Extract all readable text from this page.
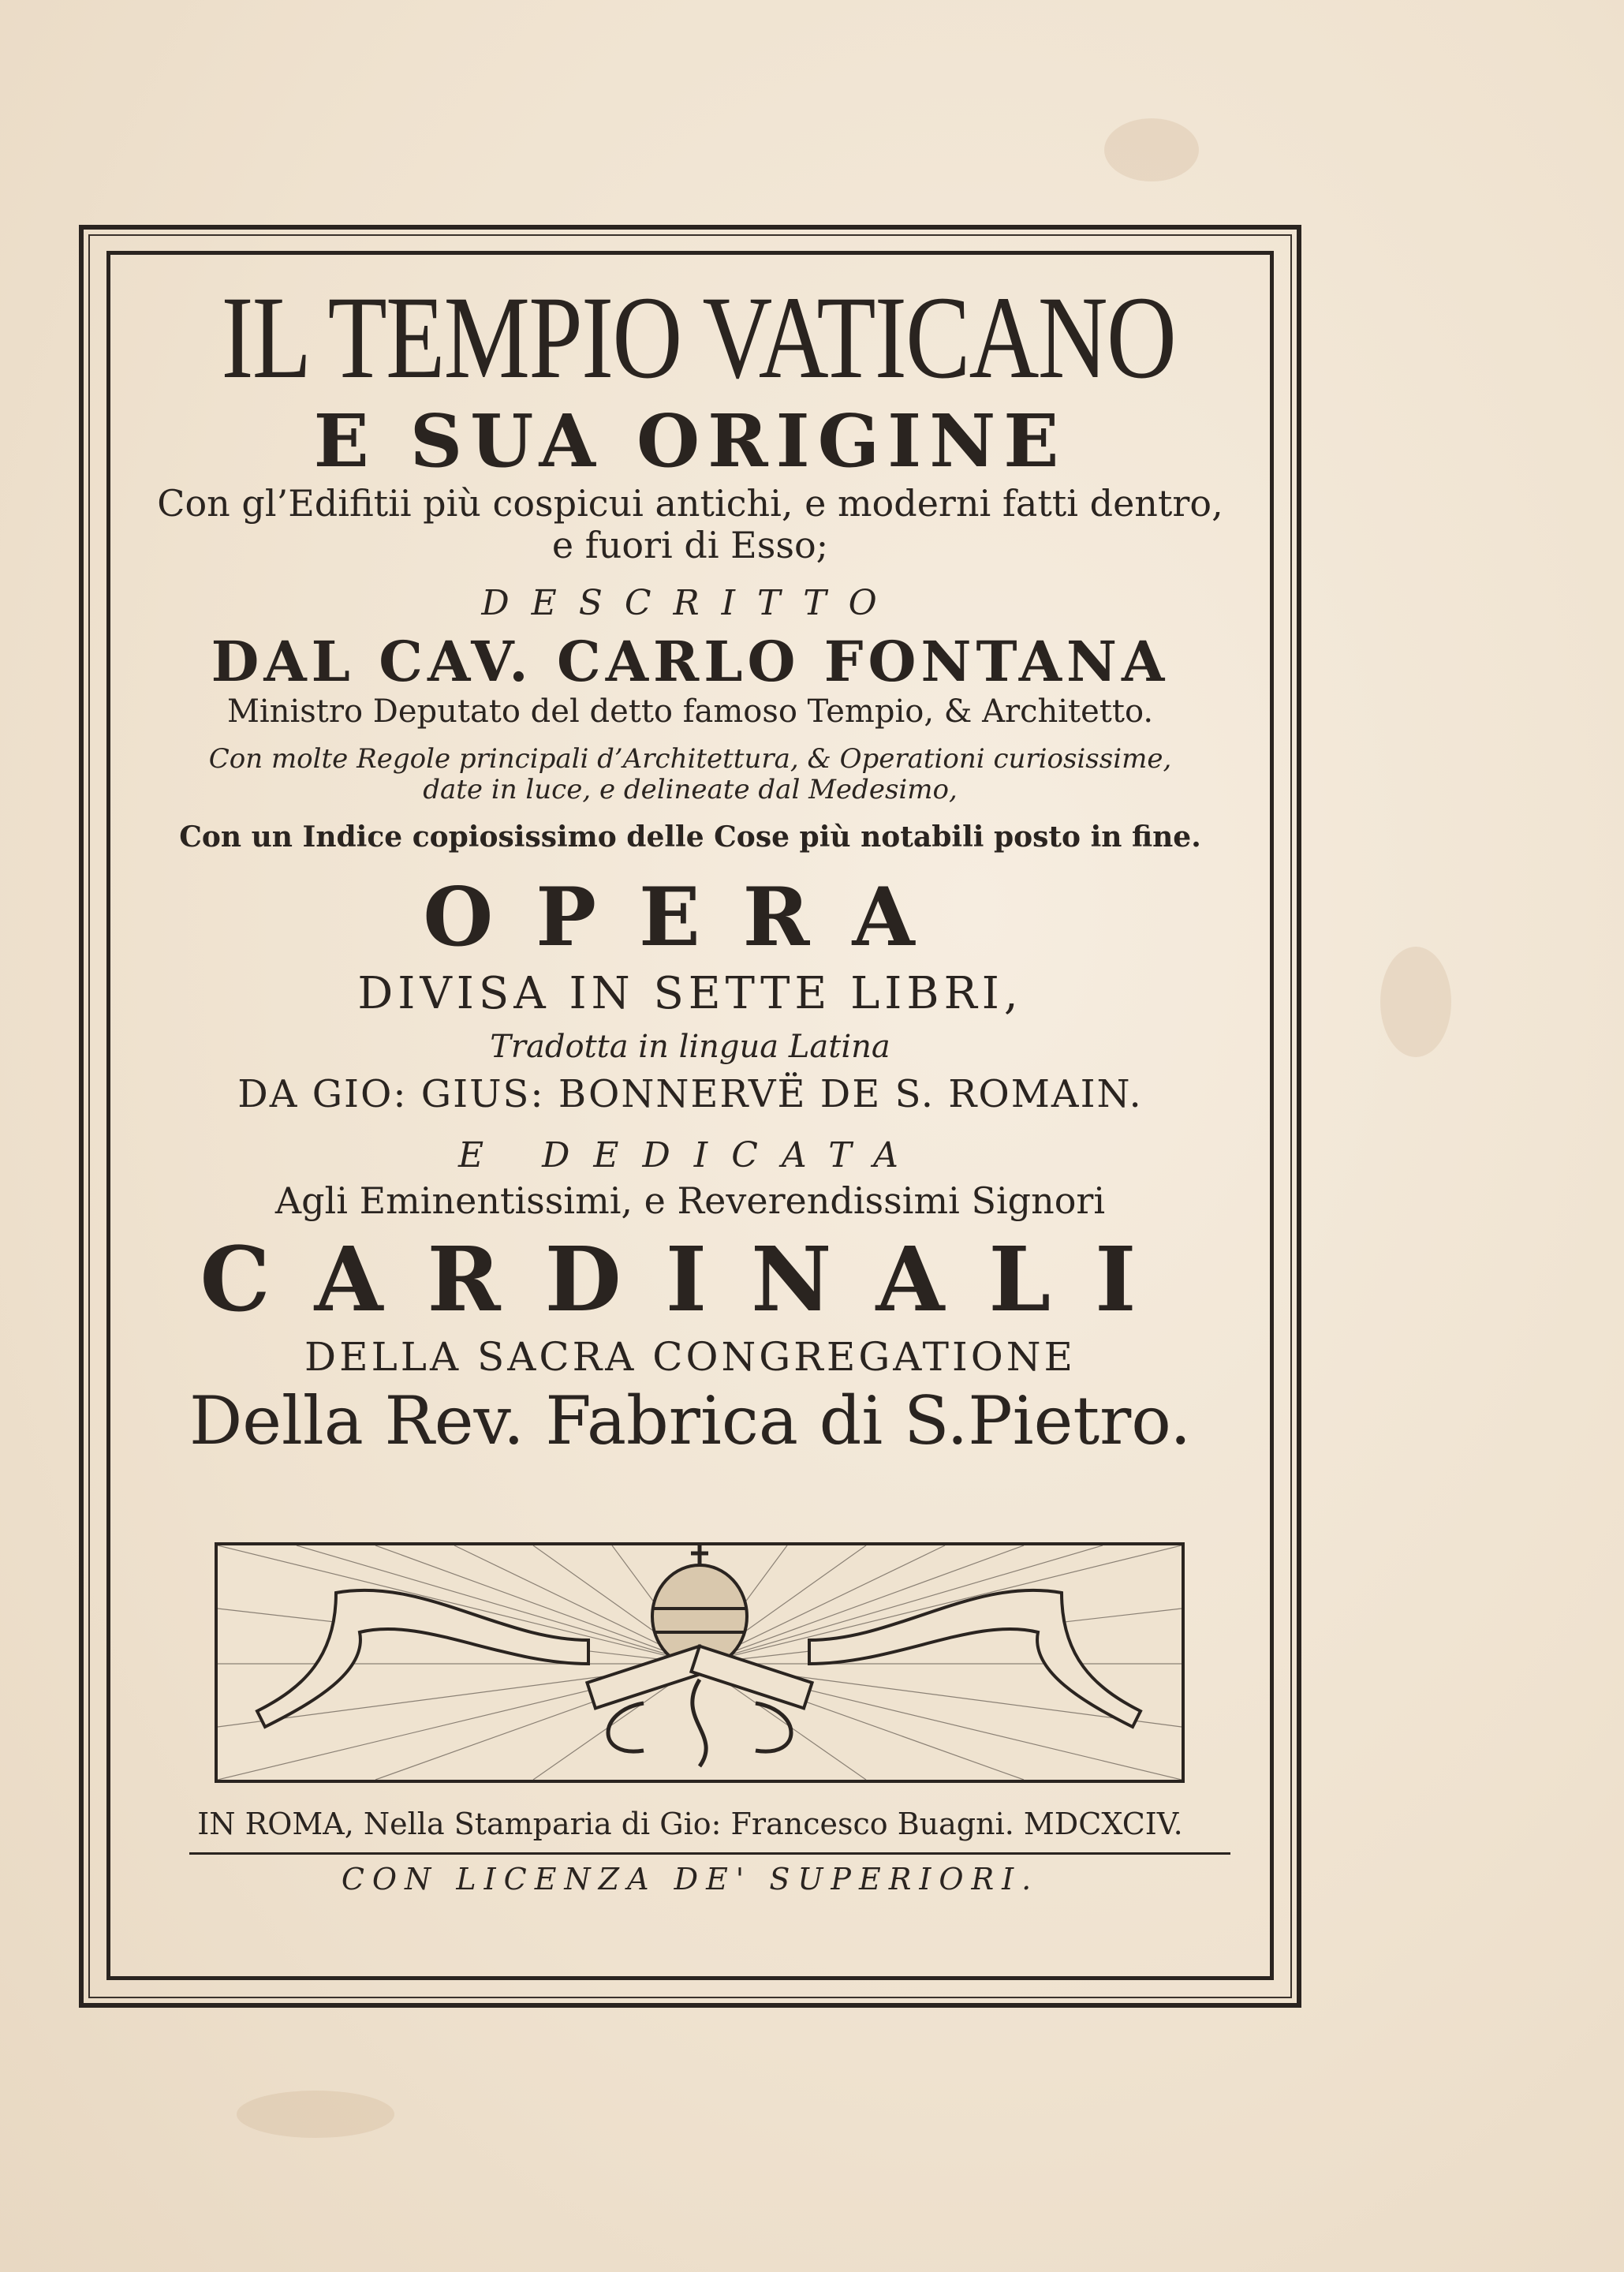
IL TEMPIO VATICANO

E SUA ORIGINE

Con gl’Edifitii più cospicui antichi, e moderni fatti dentro,

e fuori di Esso;

DESCRITTO

DAL CAV. CARLO FONTANA

Ministro Deputato del detto famoso Tempio, & Architetto.

Con molte Regole principali d’Architettura, & Operationi curiosissime,

date in luce, e delineate dal Medesimo,

Con un Indice copiosissimo delle Cose più notabili posto in fine.

OPERA

DIVISA IN SETTE LIBRI,

Tradotta in lingua Latina

DA GIO: GIUS: BONNERVË DE S. ROMAIN.

E DEDICATA

Agli Eminentissimi, e Reverendissimi Signori

CARDINALI

DELLA SACRA CONGREGATIONE

Della Rev. Fabrica di S.Pietro.

IN ROMA, Nella Stamparia di Gio: Francesco Buagni. MDCXCIV.
CON LICENZA DE' SUPERIORI.
